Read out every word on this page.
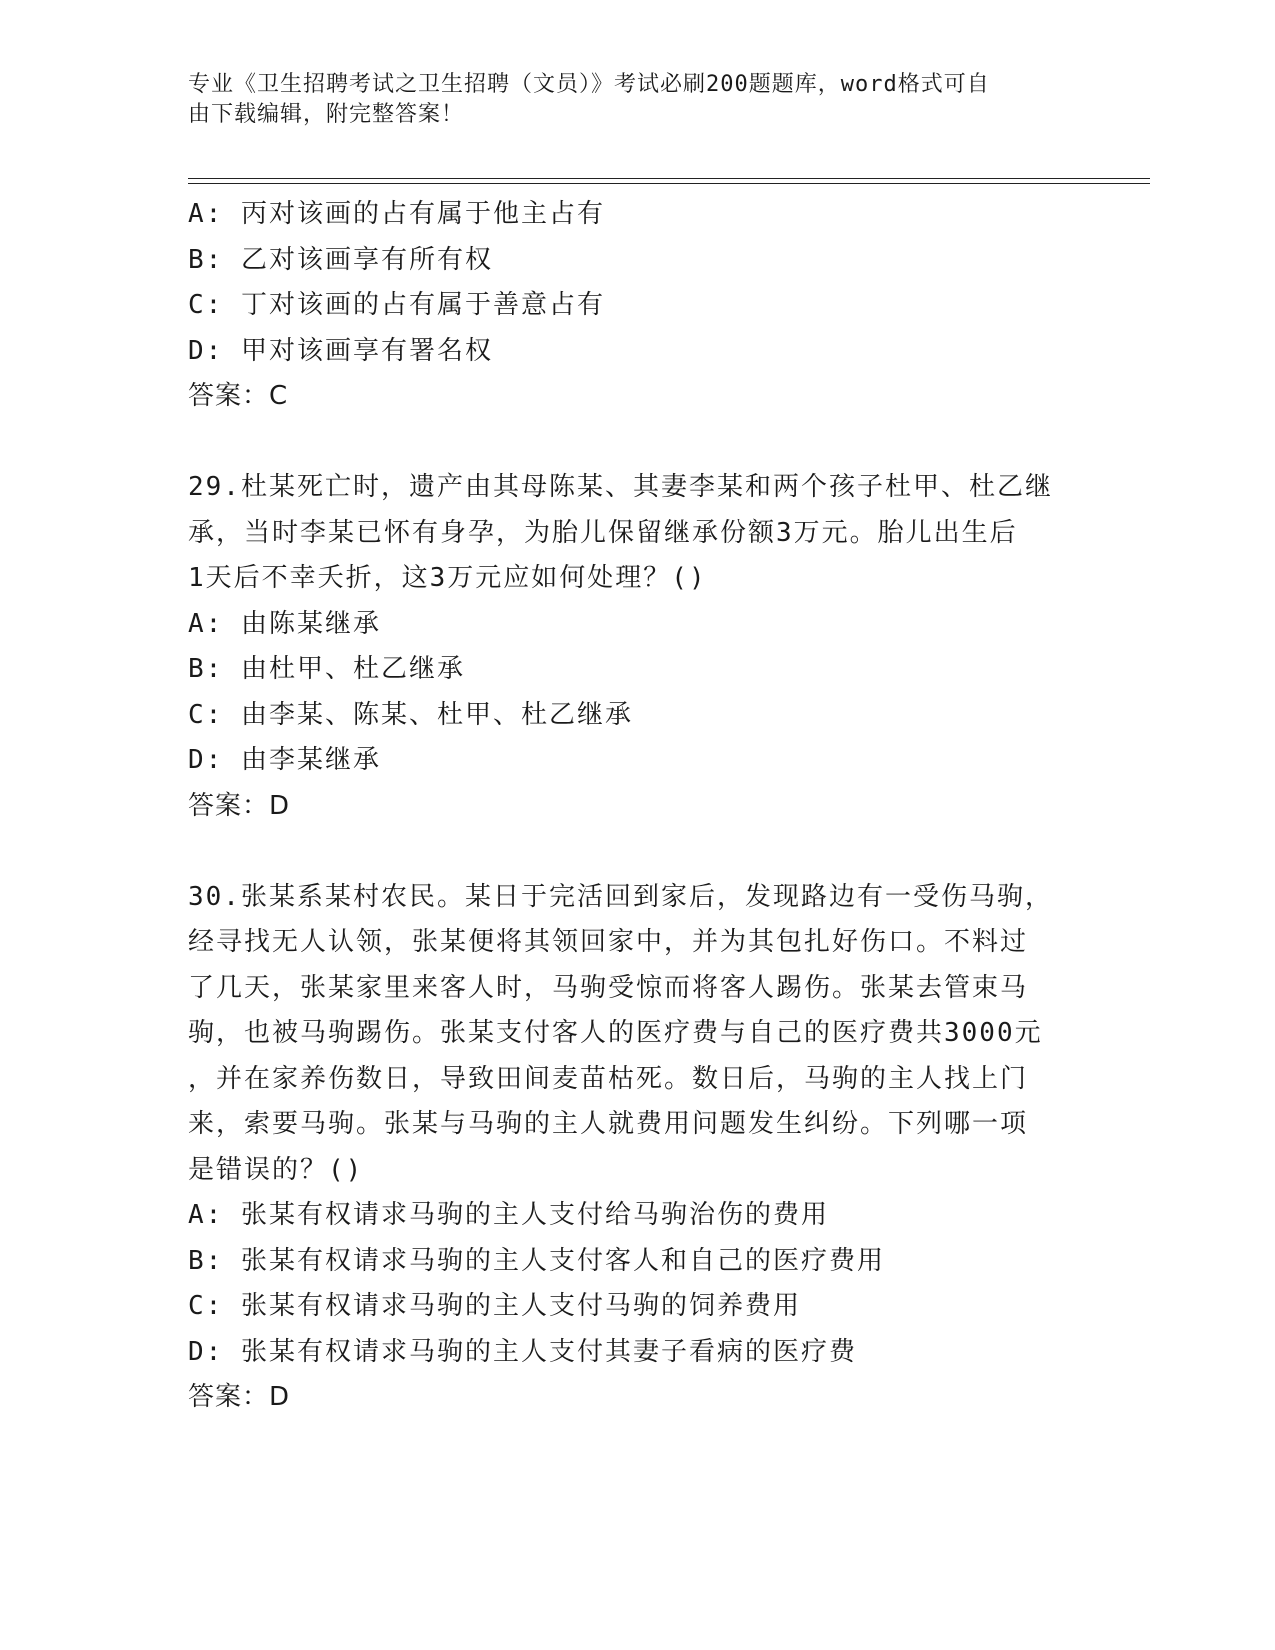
专业《卫生招聘考试之卫生招聘（文员）》考试必刷200题题库，word格式可自
由下载编辑，附完整答案！
A: 丙对该画的占有属于他主占有
B: 乙对该画享有所有权
C: 丁对该画的占有属于善意占有
D: 甲对该画享有署名权
答案：C
29.杜某死亡时，遗产由其母陈某、其妻李某和两个孩子杜甲、杜乙继
承，当时李某已怀有身孕，为胎儿保留继承份额3万元。胎儿出生后
1天后不幸夭折，这3万元应如何处理？()
A: 由陈某继承
B: 由杜甲、杜乙继承
C: 由李某、陈某、杜甲、杜乙继承
D: 由李某继承
答案：D
30.张某系某村农民。某日于完活回到家后，发现路边有一受伤马驹，
经寻找无人认领，张某便将其领回家中，并为其包扎好伤口。不料过
了几天，张某家里来客人时，马驹受惊而将客人踢伤。张某去管束马
驹，也被马驹踢伤。张某支付客人的医疗费与自己的医疗费共3000元
，并在家养伤数日，导致田间麦苗枯死。数日后，马驹的主人找上门
来，索要马驹。张某与马驹的主人就费用问题发生纠纷。下列哪一项
是错误的？()
A: 张某有权请求马驹的主人支付给马驹治伤的费用
B: 张某有权请求马驹的主人支付客人和自己的医疗费用
C: 张某有权请求马驹的主人支付马驹的饲养费用
D: 张某有权请求马驹的主人支付其妻子看病的医疗费
答案：D
